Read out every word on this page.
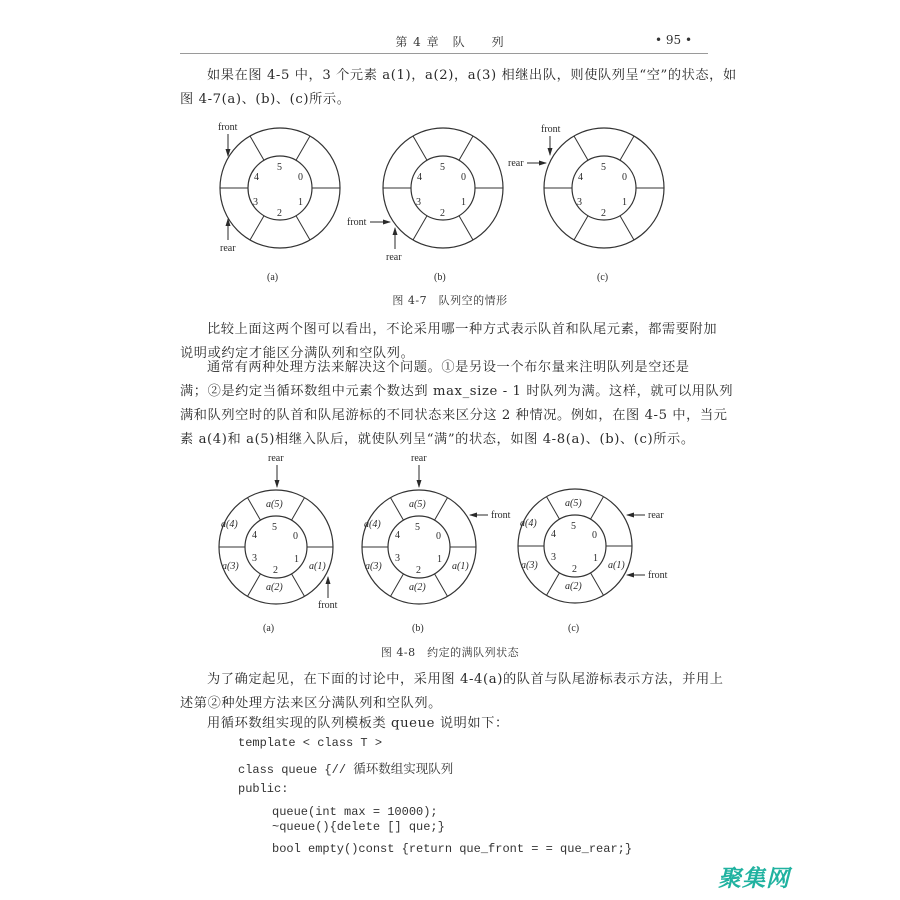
第 4 章　队　　列	• 95 •
如果在图 4-5 中，3 个元素 a(1)，a(2)，a(3) 相继出队，则使队列呈“空”的状态，如
图 4-7(a)、(b)、(c)所示。
0
1
2
3
4
5
front
rear
(a)
0
1
2
3
4
5
front
rear
(b)
0
1
2
3
4
5
front
rear
(c)
图 4-7　队列空的情形
比较上面这两个图可以看出，不论采用哪一种方式表示队首和队尾元素，都需要附加
说明或约定才能区分满队列和空队列。
通常有两种处理方法来解决这个问题。①是另设一个布尔量来注明队列是空还是
满；②是约定当循环数组中元素个数达到 max_size - 1 时队列为满。这样，就可以用队列
满和队列空时的队首和队尾游标的不同状态来区分这 2 种情况。例如，在图 4-5 中，当元
素 a(4)和 a(5)相继入队后，就使队列呈“满”的状态，如图 4-8(a)、(b)、(c)所示。
0
1
2
3
4
5
a(1)
a(2)
a(3)
a(4)
a(5)
rear
front
(a)
0
1
2
3
4
5
a(1)
a(2)
a(3)
a(4)
a(5)
rear
front
(b)
0
1
2
3
4
5
a(1)
a(2)
a(3)
a(4)
a(5)
rear
front
(c)
图 4-8　约定的满队列状态
为了确定起见，在下面的讨论中，采用图 4-4(a)的队首与队尾游标表示方法，并用上
述第②种处理方法来区分满队列和空队列。
用循环数组实现的队列模板类 queue 说明如下：
template < class T >
class queue {// 循环数组实现队列
public:
queue(int max = 10000);
~queue(){delete [] que;}
bool empty()const {return que_front = = que_rear;}
聚集网
